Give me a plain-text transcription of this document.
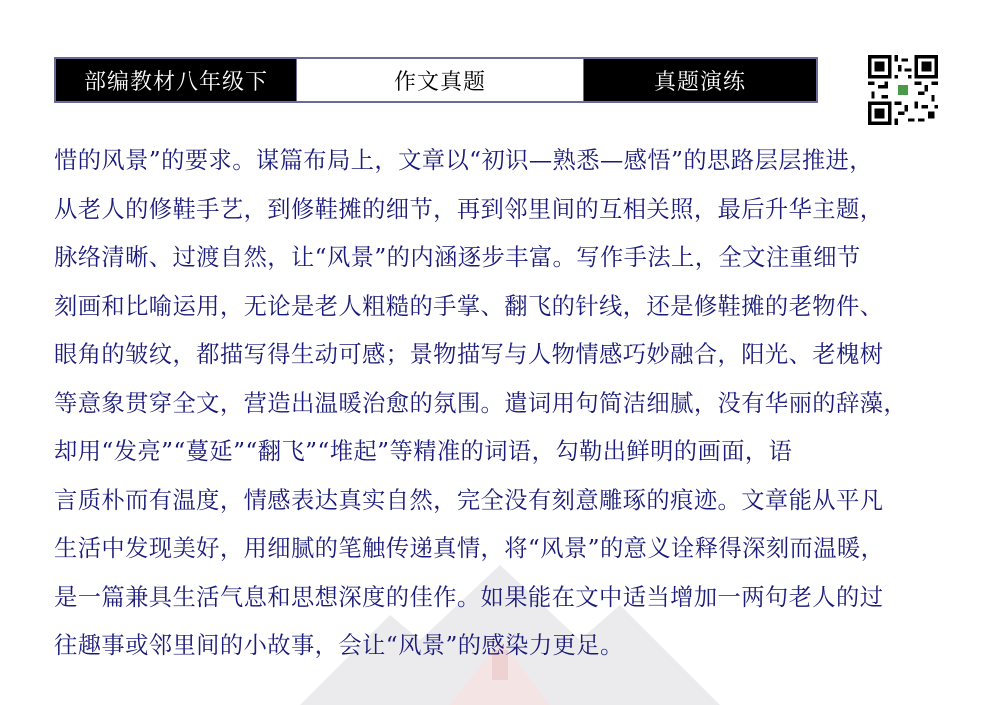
部编教材八年级下	作文真题	真题演练
惜的风景”的要求。谋篇布局上，文章以“初识—熟悉—感悟”的思路层层推进，
从老人的修鞋手艺，到修鞋摊的细节，再到邻里间的互相关照，最后升华主题，
脉络清晰、过渡自然，让“风景”的内涵逐步丰富。写作手法上，全文注重细节
刻画和比喻运用，无论是老人粗糙的手掌、翻飞的针线，还是修鞋摊的老物件、
眼角的皱纹，都描写得生动可感；景物描写与人物情感巧妙融合，阳光、老槐树
等意象贯穿全文，营造出温暖治愈的氛围。遣词用句简洁细腻，没有华丽的辞藻，
却用“发亮”“蔓延”“翻飞”“堆起”等精准的词语，勾勒出鲜明的画面，语
言质朴而有温度，情感表达真实自然，完全没有刻意雕琢的痕迹。文章能从平凡
生活中发现美好，用细腻的笔触传递真情，将“风景”的意义诠释得深刻而温暖，
是一篇兼具生活气息和思想深度的佳作。如果能在文中适当增加一两句老人的过
往趣事或邻里间的小故事，会让“风景”的感染力更足。
